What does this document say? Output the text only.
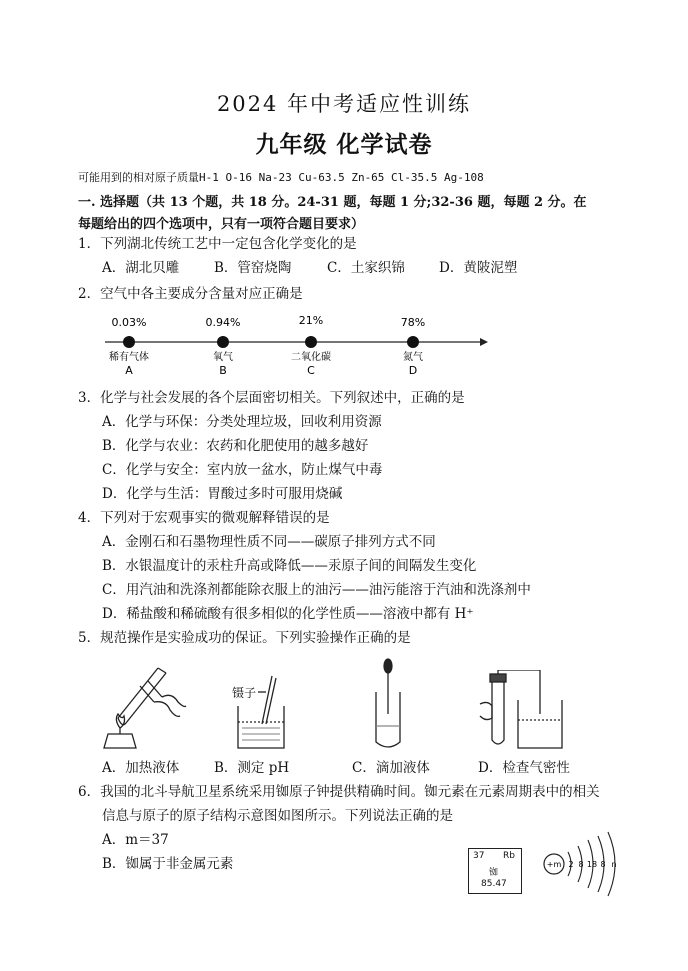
2024 年中考适应性训练
九年级 化学试卷
可能用到的相对原子质量H-1 O-16 Na-23 Cu-63.5 Zn-65 Cl-35.5 Ag-108
一. 选择题（共 13 个题，共 18 分。24-31 题，每题 1 分;32-36 题，每题 2 分。在
每题给出的四个选项中，只有一项符合题目要求）
1．下列湖北传统工艺中一定包含化学变化的是
A．湖北贝雕	B．管窑烧陶	C．土家织锦	D．黄陂泥塑
2．空气中各主要成分含量对应正确是
0.03%
稀有气体
A
0.94%
氧气
B
21%
二氧化碳
C
78%
氮气
D
3．化学与社会发展的各个层面密切相关。下列叙述中，正确的是
A．化学与环保：分类处理垃圾，回收利用资源
B．化学与农业：农药和化肥使用的越多越好
C．化学与安全：室内放一盆水，防止煤气中毒
D．化学与生活：胃酸过多时可服用烧碱
4．下列对于宏观事实的微观解释错误的是
A．金刚石和石墨物理性质不同——碳原子排列方式不同
B．水银温度计的汞柱升高或降低——汞原子间的间隔发生变化
C．用汽油和洗涤剂都能除衣服上的油污——油污能溶于汽油和洗涤剂中
D．稀盐酸和稀硫酸有很多相似的化学性质——溶液中都有 H⁺
5．规范操作是实验成功的保证。下列实验操作正确的是
镊子
A．加热液体	B．测定 pH	C．滴加液体	D．检查气密性
6．我国的北斗导航卫星系统采用铷原子钟提供精确时间。铷元素在元素周期表中的相关
信息与原子的原子结构示意图如图所示。下列说法正确的是
A．m＝37
B．铷属于非金属元素	37 Rb
铷
85.47
+m 2 8 18 8 n
